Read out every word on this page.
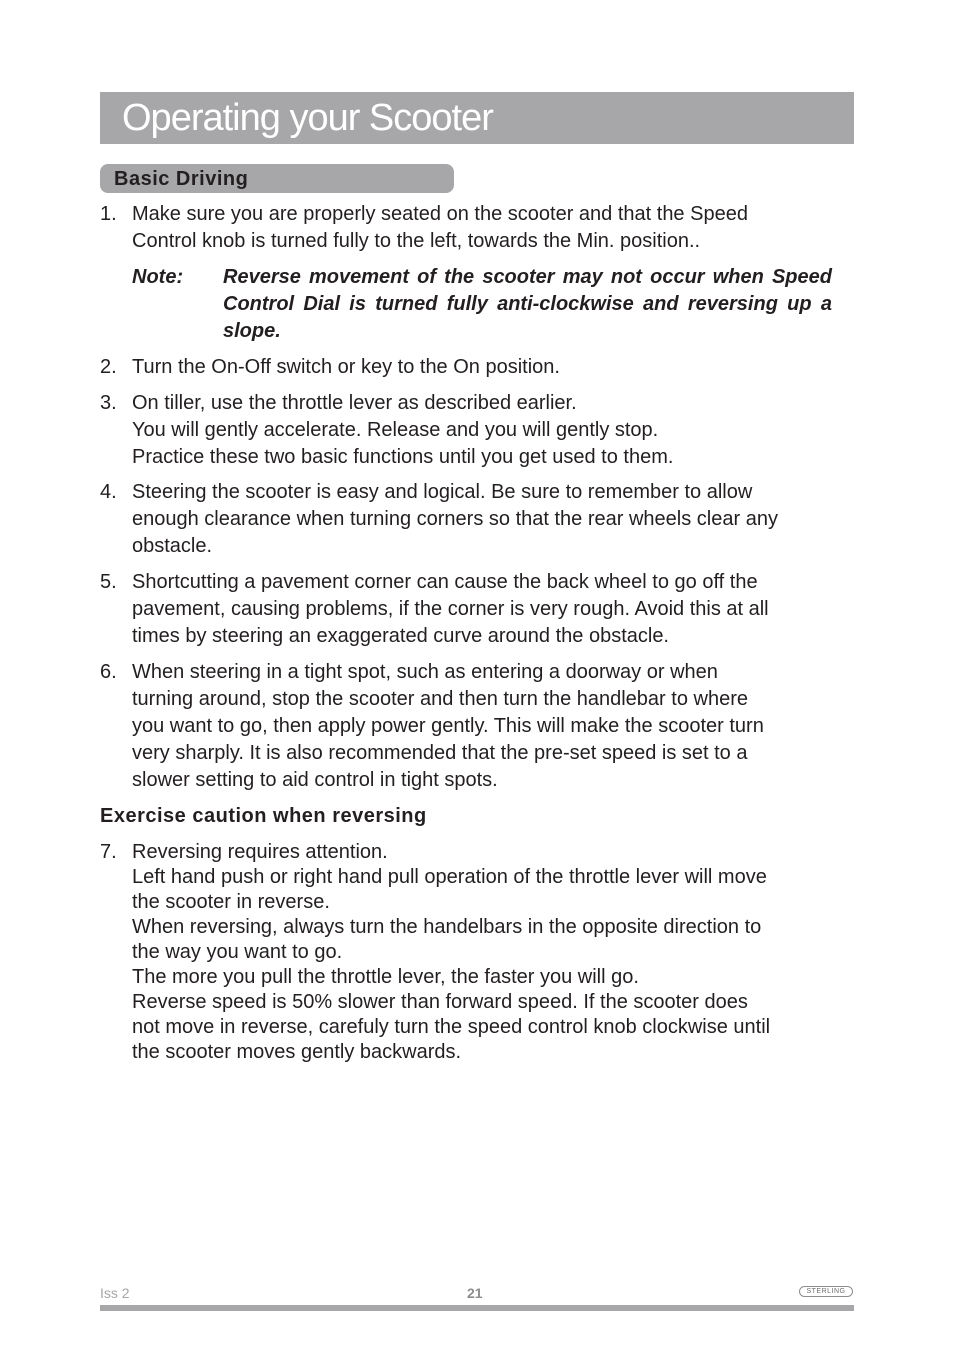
Operating your Scooter
Basic Driving
1. Make sure you are properly seated on the scooter and that the Speed
Control knob is turned fully to the left, towards the Min. position..
Note: Reverse movement of the scooter may not occur when Speed Control Dial is turned fully anti-clockwise and reversing up a slope.
2. Turn the On-Off switch or key to the On position.
3. On tiller, use the throttle lever as described earlier.
You will gently accelerate. Release and you will gently stop.
Practice these two basic functions until you get used to them.
4. Steering the scooter is easy and logical. Be sure to remember to allow
enough clearance when turning corners so that the rear wheels clear any
obstacle.
5. Shortcutting a pavement corner can cause the back wheel to go off the
pavement, causing problems, if the corner is very rough. Avoid this at all
times by steering an exaggerated curve around the obstacle.
6. When steering in a tight spot, such as entering a doorway or when
turning around, stop the scooter and then turn the handlebar to where
you want to go, then apply power gently. This will make the scooter turn
very sharply. It is also recommended that the pre-set speed is set to a
slower setting to aid control in tight spots.
Exercise caution when reversing
7. Reversing requires attention.
Left hand push or right hand pull operation of the throttle lever will move
the scooter in reverse.
When reversing, always turn the handelbars in the opposite direction to
the way you want to go.
The more you pull the throttle lever, the faster you will go.
Reverse speed is 50% slower than forward speed. If the scooter does
not move in reverse, carefuly turn the speed control knob clockwise until
the scooter moves gently backwards.
Iss 2	21	STERLING
